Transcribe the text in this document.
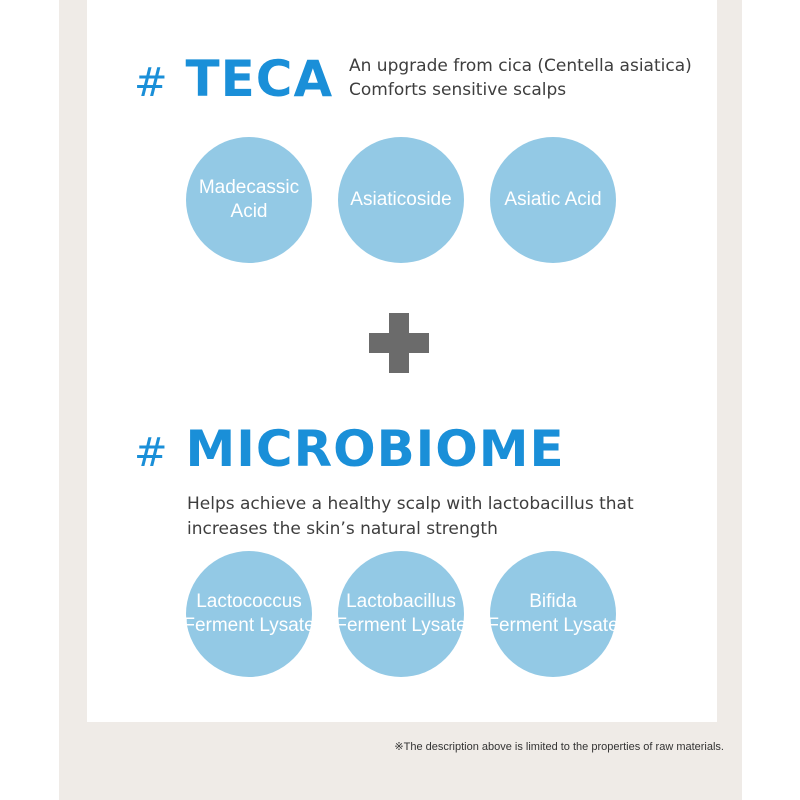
# TECA An upgrade from cica (Centella asiatica)
Comforts sensitive scalps
Madecassic
Acid
Asiaticoside	Asiatic Acid
# MICROBIOME
Helps achieve a healthy scalp with lactobacillus that
increases the skin’s natural strength
Lactococcus
Ferment Lysate
Lactobacillus
Ferment Lysate
Bifida
Ferment Lysate
※The description above is limited to the properties of raw materials.
